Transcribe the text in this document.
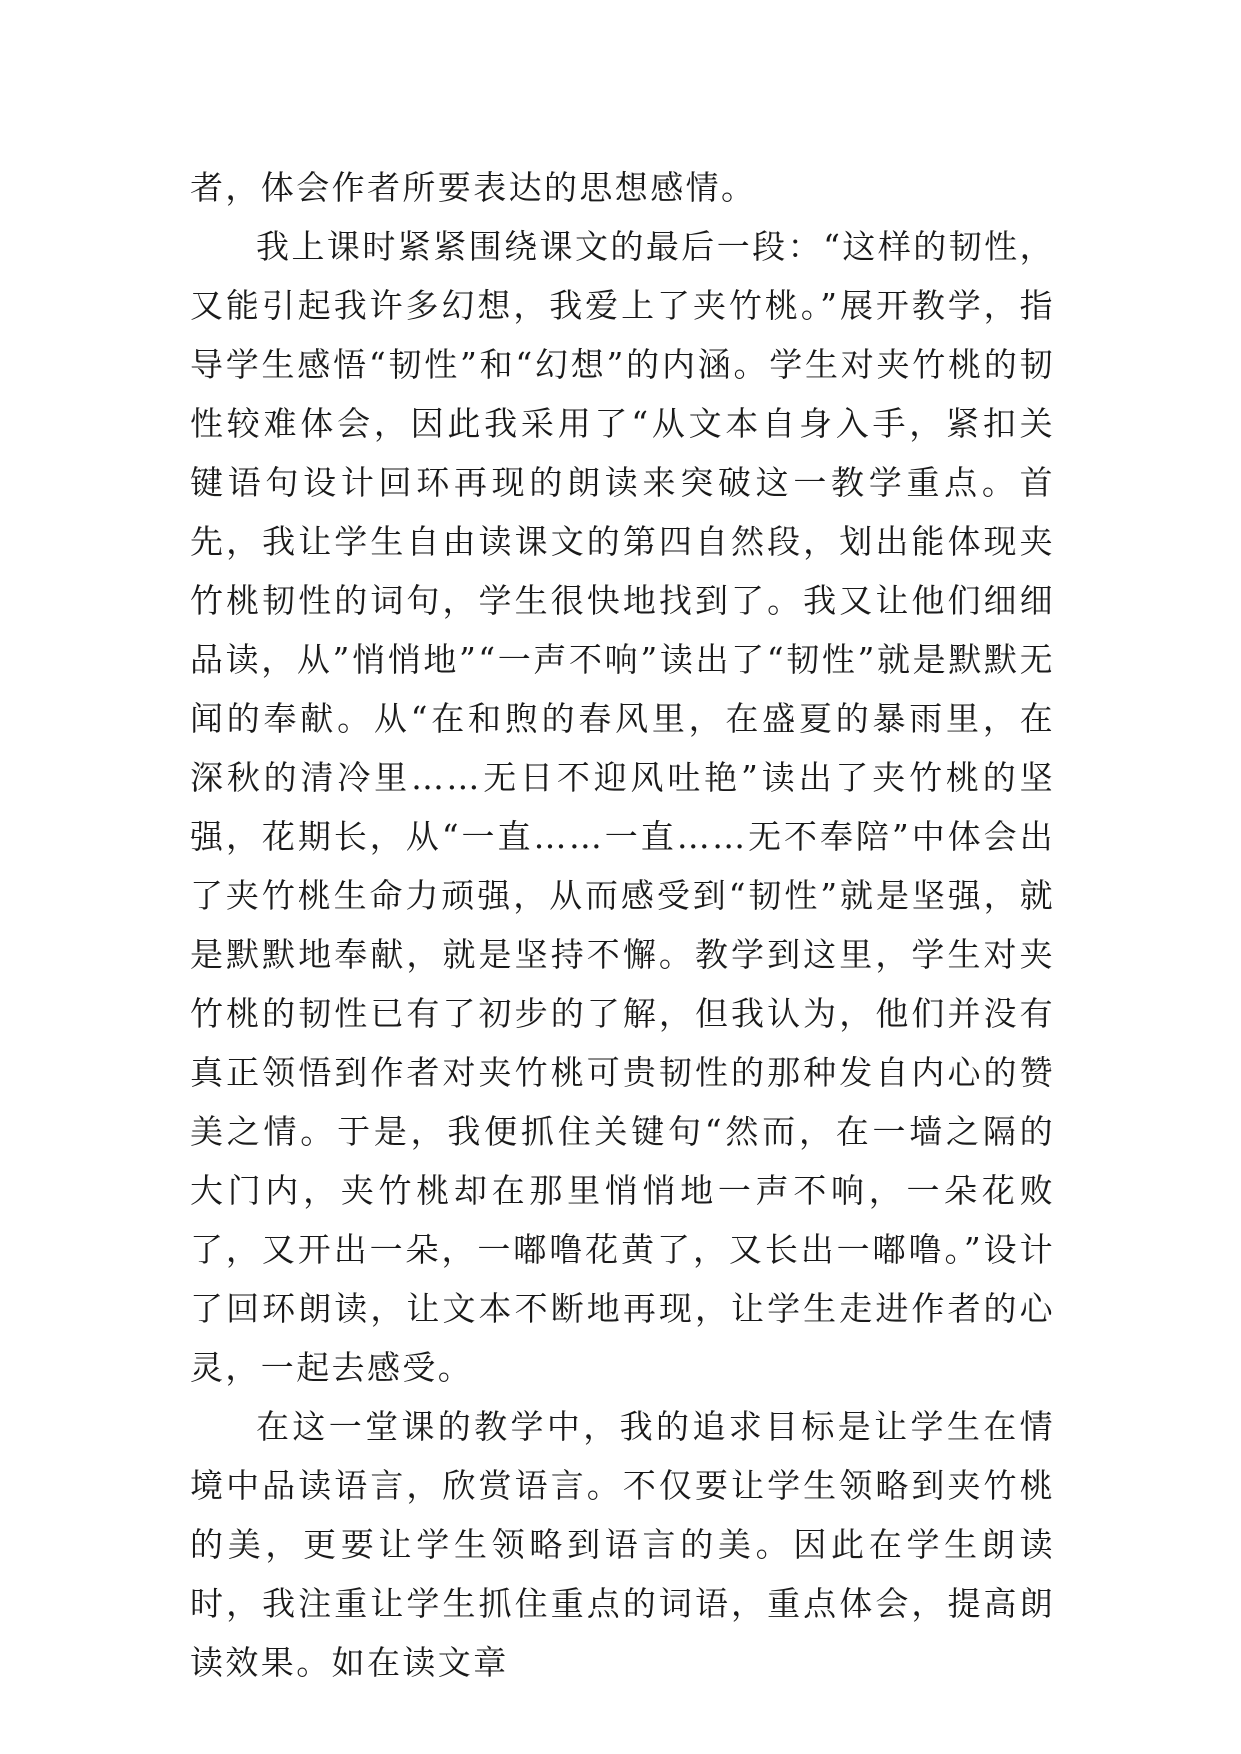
者，体会作者所要表达的思想感情。

我上课时紧紧围绕课文的最后一段：“这样的韧性，又能引起我许多幻想，我爱上了夹竹桃。”展开教学，指导学生感悟“韧性”和“幻想”的内涵。学生对夹竹桃的韧性较难体会，因此我采用了“从文本自身入手，紧扣关键语句设计回环再现的朗读来突破这一教学重点。首先，我让学生自由读课文的第四自然段，划出能体现夹竹桃韧性的词句，学生很快地找到了。我又让他们细细品读，从”悄悄地”“一声不响”读出了“韧性”就是默默无闻的奉献。从“在和煦的春风里，在盛夏的暴雨里，在深秋的清冷里……无日不迎风吐艳”读出了夹竹桃的坚强，花期长，从“一直……一直……无不奉陪”中体会出了夹竹桃生命力顽强，从而感受到“韧性”就是坚强，就是默默地奉献，就是坚持不懈。教学到这里，学生对夹竹桃的韧性已有了初步的了解，但我认为，他们并没有真正领悟到作者对夹竹桃可贵韧性的那种发自内心的赞美之情。于是，我便抓住关键句“然而，在一墙之隔的大门内，夹竹桃却在那里悄悄地一声不响，一朵花败了，又开出一朵，一嘟噜花黄了，又长出一嘟噜。”设计了回环朗读，让文本不断地再现，让学生走进作者的心灵，一起去感受。

在这一堂课的教学中，我的追求目标是让学生在情境中品读语言，欣赏语言。不仅要让学生领略到夹竹桃的美，更要让学生领略到语言的美。因此在学生朗读时，我注重让学生抓住重点的词语，重点体会，提高朗读效果。如在读文章
